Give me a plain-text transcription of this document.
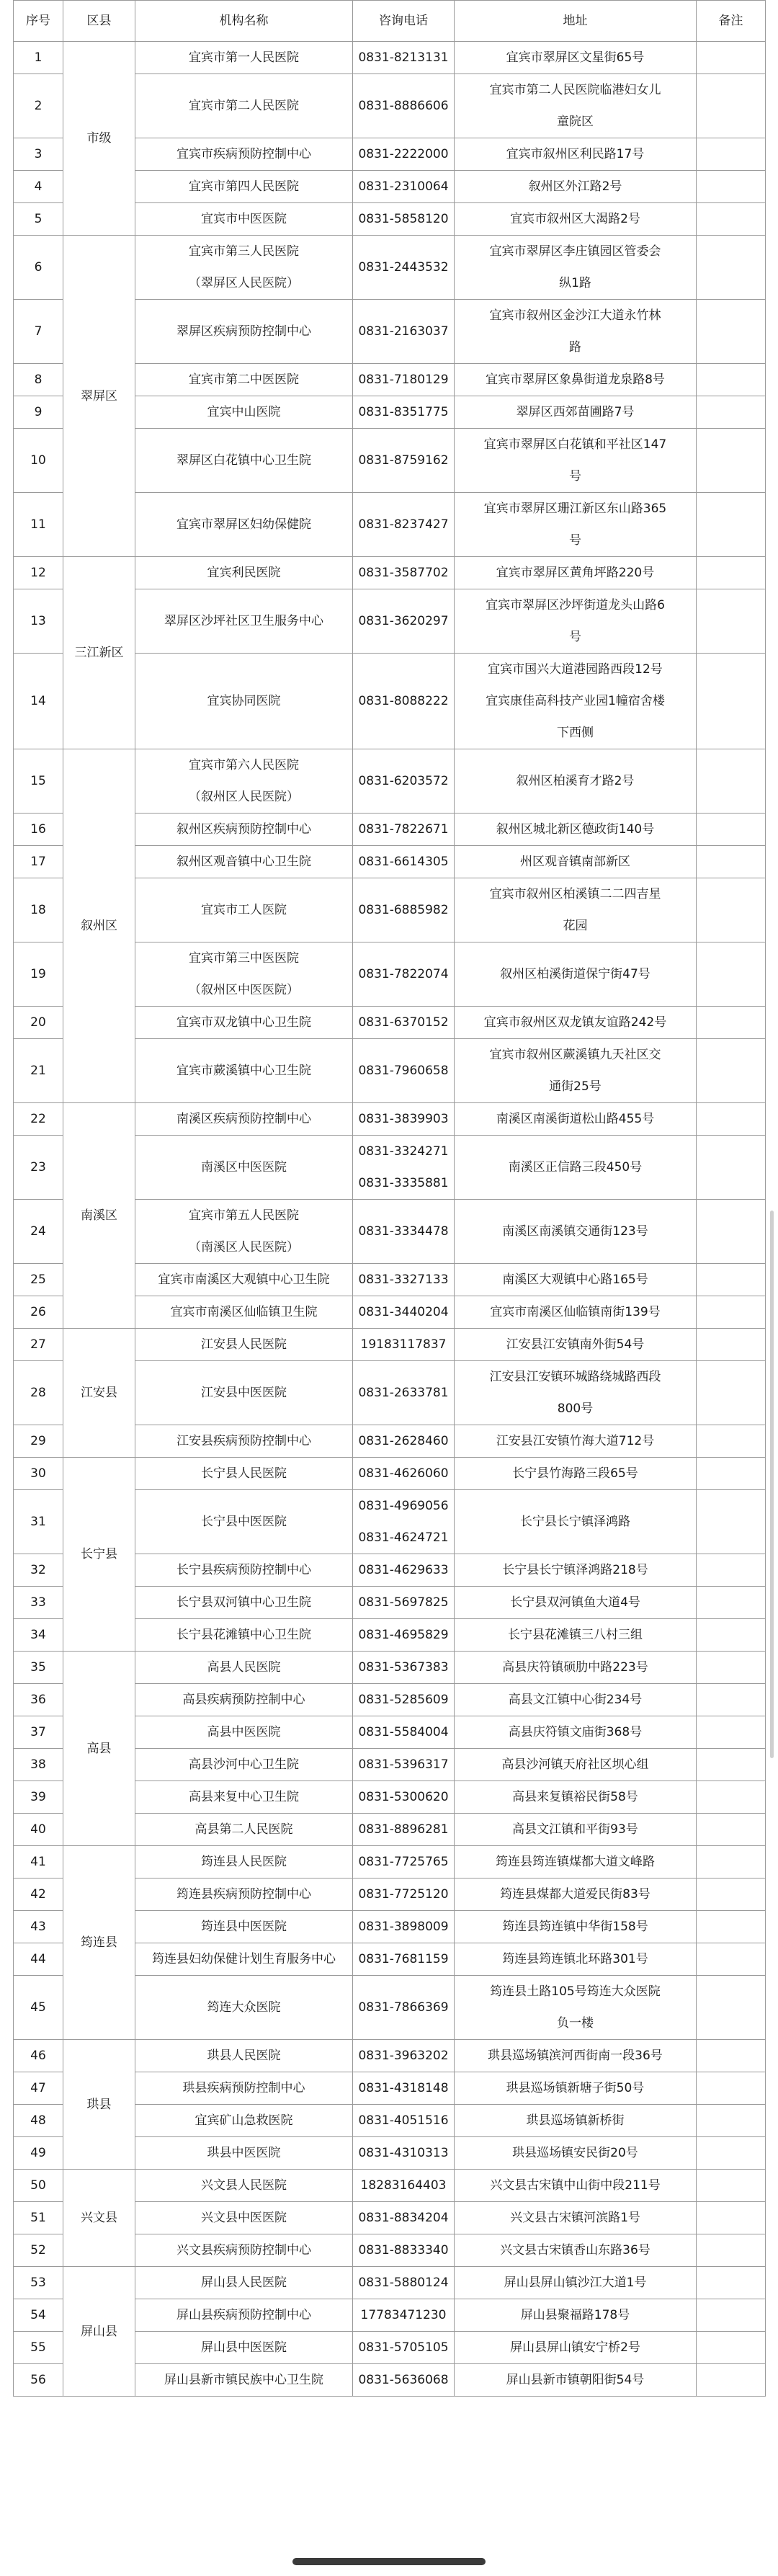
序号	区县	机构名称	咨询电话	地址	备注
1	市级	宜宾市第一人民医院	0831-8213131	宜宾市翠屏区文星街65号	

2		宜宾市第二人民医院	0831-8886606	宜宾市第二人民医院临港妇女儿
童院区	

3		宜宾市疾病预防控制中心	0831-2222000	宜宾市叙州区利民路17号	

4		宜宾市第四人民医院	0831-2310064	叙州区外江路2号	

5		宜宾市中医医院	0831-5858120	宜宾市叙州区大渴路2号	

6	翠屏区	宜宾市第三人民医院
（翠屏区人民医院）	0831-2443532	宜宾市翠屏区李庄镇园区管委会
纵1路	

7		翠屏区疾病预防控制中心	0831-2163037	宜宾市叙州区金沙江大道永竹林
路	

8		宜宾市第二中医医院	0831-7180129	宜宾市翠屏区象鼻街道龙泉路8号	

9		宜宾中山医院	0831-8351775	翠屏区西郊苗圃路7号	

10		翠屏区白花镇中心卫生院	0831-8759162	宜宾市翠屏区白花镇和平社区147
号	

11		宜宾市翠屏区妇幼保健院	0831-8237427	宜宾市翠屏区珊江新区东山路365
号	

12	三江新区	宜宾利民医院	0831-3587702	宜宾市翠屏区黄角坪路220号	

13		翠屏区沙坪社区卫生服务中心	0831-3620297	宜宾市翠屏区沙坪街道龙头山路6
号	

14		宜宾协同医院	0831-8088222	宜宾市国兴大道港园路西段12号
宜宾康佳高科技产业园1幢宿舍楼
下西侧	

15	叙州区	宜宾市第六人民医院
（叙州区人民医院）	0831-6203572	叙州区柏溪育才路2号	

16		叙州区疾病预防控制中心	0831-7822671	叙州区城北新区德政街140号	

17		叙州区观音镇中心卫生院	0831-6614305	州区观音镇南部新区	

18		宜宾市工人医院	0831-6885982	宜宾市叙州区柏溪镇二二四吉星
花园	

19		宜宾市第三中医医院
（叙州区中医医院）	0831-7822074	叙州区柏溪街道保宁街47号	

20		宜宾市双龙镇中心卫生院	0831-6370152	宜宾市叙州区双龙镇友谊路242号	

21		宜宾市蕨溪镇中心卫生院	0831-7960658	宜宾市叙州区蕨溪镇九天社区交
通街25号	

22	南溪区	南溪区疾病预防控制中心	0831-3839903	南溪区南溪街道松山路455号	

23		南溪区中医医院	0831-3324271
0831-3335881	南溪区正信路三段450号	

24		宜宾市第五人民医院
（南溪区人民医院）	0831-3334478	南溪区南溪镇交通街123号	

25		宜宾市南溪区大观镇中心卫生院	0831-3327133	南溪区大观镇中心路165号	

26		宜宾市南溪区仙临镇卫生院	0831-3440204	宜宾市南溪区仙临镇南街139号	

27	江安县	江安县人民医院	19183117837	江安县江安镇南外街54号	

28		江安县中医医院	0831-2633781	江安县江安镇环城路绕城路西段
800号	

29		江安县疾病预防控制中心	0831-2628460	江安县江安镇竹海大道712号	

30	长宁县	长宁县人民医院	0831-4626060	长宁县竹海路三段65号	

31		长宁县中医医院	0831-4969056
0831-4624721	长宁县长宁镇泽鸿路	

32		长宁县疾病预防控制中心	0831-4629633	长宁县长宁镇泽鸿路218号	

33		长宁县双河镇中心卫生院	0831-5697825	长宁县双河镇鱼大道4号	

34		长宁县花滩镇中心卫生院	0831-4695829	长宁县花滩镇三八村三组	

35	高县	高县人民医院	0831-5367383	高县庆符镇硕肋中路223号	

36		高县疾病预防控制中心	0831-5285609	高县文江镇中心街234号	

37		高县中医医院	0831-5584004	高县庆符镇文庙街368号	

38		高县沙河中心卫生院	0831-5396317	高县沙河镇天府社区坝心组	

39		高县来复中心卫生院	0831-5300620	高县来复镇裕民街58号	

40		高县第二人民医院	0831-8896281	高县文江镇和平街93号	

41	筠连县	筠连县人民医院	0831-7725765	筠连县筠连镇煤都大道文峰路	

42		筠连县疾病预防控制中心	0831-7725120	筠连县煤都大道爱民街83号	

43		筠连县中医医院	0831-3898009	筠连县筠连镇中华街158号	

44		筠连县妇幼保健计划生育服务中心	0831-7681159	筠连县筠连镇北环路301号	

45		筠连大众医院	0831-7866369	筠连县土路105号筠连大众医院
负一楼	

46	珙县	珙县人民医院	0831-3963202	珙县巡场镇滨河西街南一段36号	

47		珙县疾病预防控制中心	0831-4318148	珙县巡场镇新塘子街50号	

48		宜宾矿山急救医院	0831-4051516	珙县巡场镇新桥街	

49		珙县中医医院	0831-4310313	珙县巡场镇安民街20号	

50	兴文县	兴文县人民医院	18283164403	兴文县古宋镇中山街中段211号	

51		兴文县中医医院	0831-8834204	兴文县古宋镇河滨路1号	

52		兴文县疾病预防控制中心	0831-8833340	兴文县古宋镇香山东路36号	

53	屏山县	屏山县人民医院	0831-5880124	屏山县屏山镇沙江大道1号	

54		屏山县疾病预防控制中心	17783471230	屏山县聚福路178号	

55		屏山县中医医院	0831-5705105	屏山县屏山镇安宁桥2号	

56		屏山县新市镇民族中心卫生院	0831-5636068	屏山县新市镇朝阳街54号	
